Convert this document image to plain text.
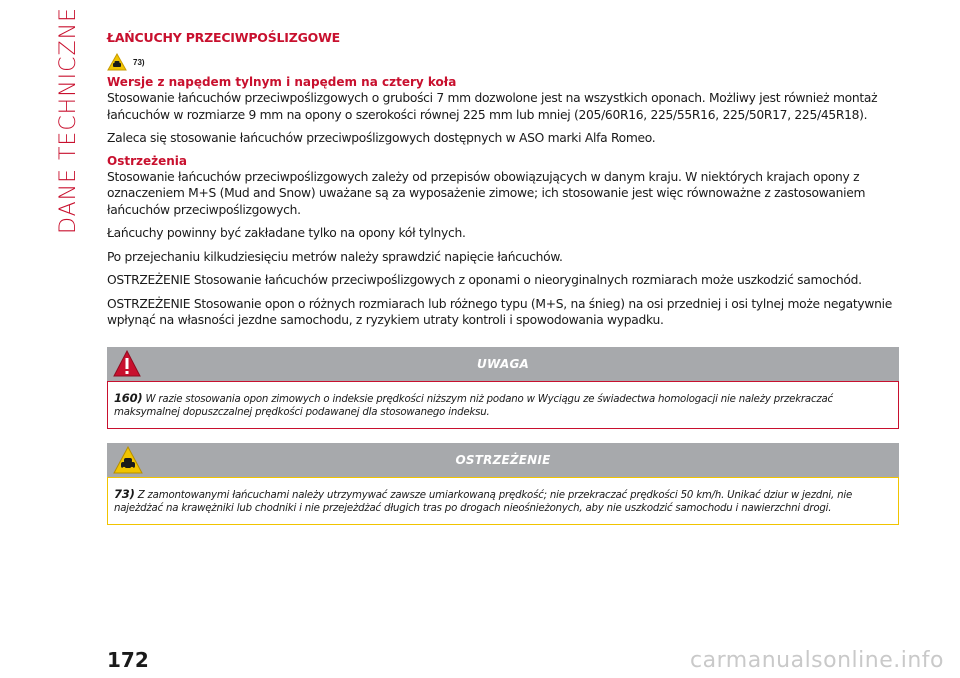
DANE TECHNICZNE ŁAŃCUCHY PRZECIWPOŚLIZGOWE
73)
Wersje z napędem tylnym i napędem na cztery koła

Stosowanie łańcuchów przeciwpoślizgowych o grubości 7 mm dozwolone jest na wszystkich oponach. Możliwy jest również montaż łańcuchów w rozmiarze 9 mm na opony o szerokości równej 225 mm lub mniej (205/60R16, 225/55R16, 225/50R17, 225/45R18).

Zaleca się stosowanie łańcuchów przeciwpoślizgowych dostępnych w ASO marki Alfa Romeo.

Ostrzeżenia

Stosowanie łańcuchów przeciwpoślizgowych zależy od przepisów obowiązujących w danym kraju. W niektórych krajach opony z oznaczeniem M+S (Mud and Snow) uważane są za wyposażenie zimowe; ich stosowanie jest więc równoważne z zastosowaniem łańcuchów przeciwpoślizgowych.

Łańcuchy powinny być zakładane tylko na opony kół tylnych.

Po przejechaniu kilkudziesięciu metrów należy sprawdzić napięcie łańcuchów.

OSTRZEŻENIE Stosowanie łańcuchów przeciwpoślizgowych z oponami o nieoryginalnych rozmiarach może uszkodzić samochód.

OSTRZEŻENIE Stosowanie opon o różnych rozmiarach lub różnego typu (M+S, na śnieg) na osi przedniej i osi tylnej może negatywnie wpłynąć na własności jezdne samochodu, z ryzykiem utraty kontroli i spowodowania wypadku.

UWAGA
160) W razie stosowania opon zimowych o indeksie prędkości niższym niż podano w Wyciągu ze świadectwa homologacji nie należy przekraczać maksymalnej dopuszczalnej prędkości podawanej dla stosowanego indeksu.
OSTRZEŻENIE
73) Z zamontowanymi łańcuchami należy utrzymywać zawsze umiarkowaną prędkość; nie przekraczać prędkości 50 km/h. Unikać dziur w jezdni, nie najeżdżać na krawężniki lub chodniki i nie przejeżdżać długich tras po drogach nieośnieżonych, aby nie uszkodzić samochodu i nawierzchni drogi.
172	carmanualsonline.info
